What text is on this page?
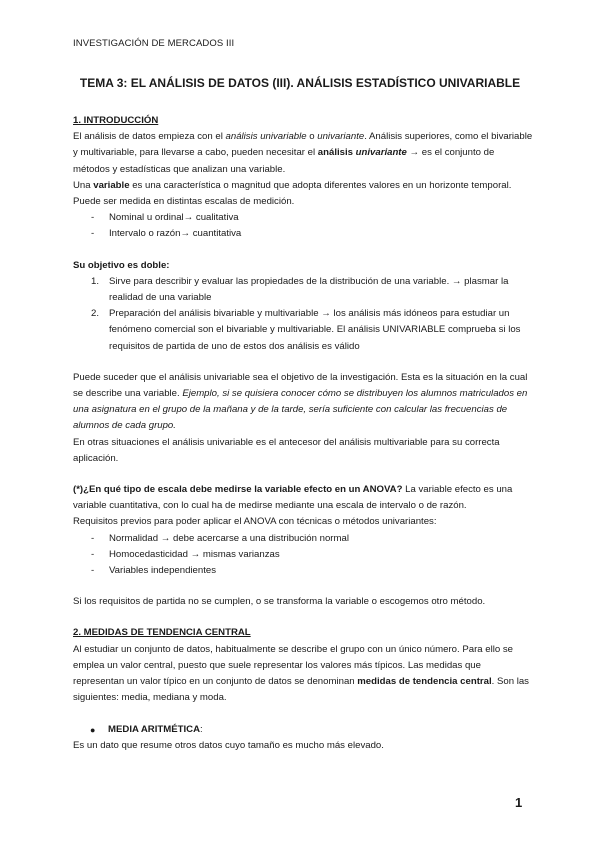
INVESTIGACIÓN DE MERCADOS III
TEMA 3: EL ANÁLISIS DE DATOS (III). ANÁLISIS ESTADÍSTICO UNIVARIABLE

1. INTRODUCCIÓN

El análisis de datos empieza con el análisis univariable o univariante. Análisis superiores, como el bivariable y multivariable, para llevarse a cabo, pueden necesitar el análisis univariante → es el conjunto de métodos y estadísticas que analizan una variable.

Una variable es una característica o magnitud que adopta diferentes valores en un horizonte temporal. Puede ser medida en distintas escalas de medición.

- Nominal u ordinal→ cualitativa
- Intervalo o razón→ cuantitativa

Su objetivo es doble:

1. Sirve para describir y evaluar las propiedades de la distribución de una variable. → plasmar la realidad de una variable
2. Preparación del análisis bivariable y multivariable → los análisis más idóneos para estudiar un fenómeno comercial son el bivariable y multivariable. El análisis UNIVARIABLE comprueba si los requisitos de partida de uno de estos dos análisis es válido

Puede suceder que el análisis univariable sea el objetivo de la investigación. Esta es la situación en la cual se describe una variable. Ejemplo, si se quisiera conocer cómo se distribuyen los alumnos matriculados en una asignatura en el grupo de la mañana y de la tarde, sería suficiente con calcular las frecuencias de alumnos de cada grupo.

En otras situaciones el análisis univariable es el antecesor del análisis multivariable para su correcta aplicación.

(*)¿En qué tipo de escala debe medirse la variable efecto en un ANOVA? La variable efecto es una variable cuantitativa, con lo cual ha de medirse mediante una escala de intervalo o de razón.

Requisitos previos para poder aplicar el ANOVA con técnicas o métodos univariantes:

- Normalidad → debe acercarse a una distribución normal
- Homocedasticidad → mismas varianzas
- Variables independientes

Si los requisitos de partida no se cumplen, o se transforma la variable o escogemos otro método.

2. MEDIDAS DE TENDENCIA CENTRAL

Al estudiar un conjunto de datos, habitualmente se describe el grupo con un único número. Para ello se emplea un valor central, puesto que suele representar los valores más típicos. Las medidas que representan un valor típico en un conjunto de datos se denominan medidas de tendencia central. Son las siguientes: media, mediana y moda.

● MEDIA ARITMÉTICA:

Es un dato que resume otros datos cuyo tamaño es mucho más elevado.

1
